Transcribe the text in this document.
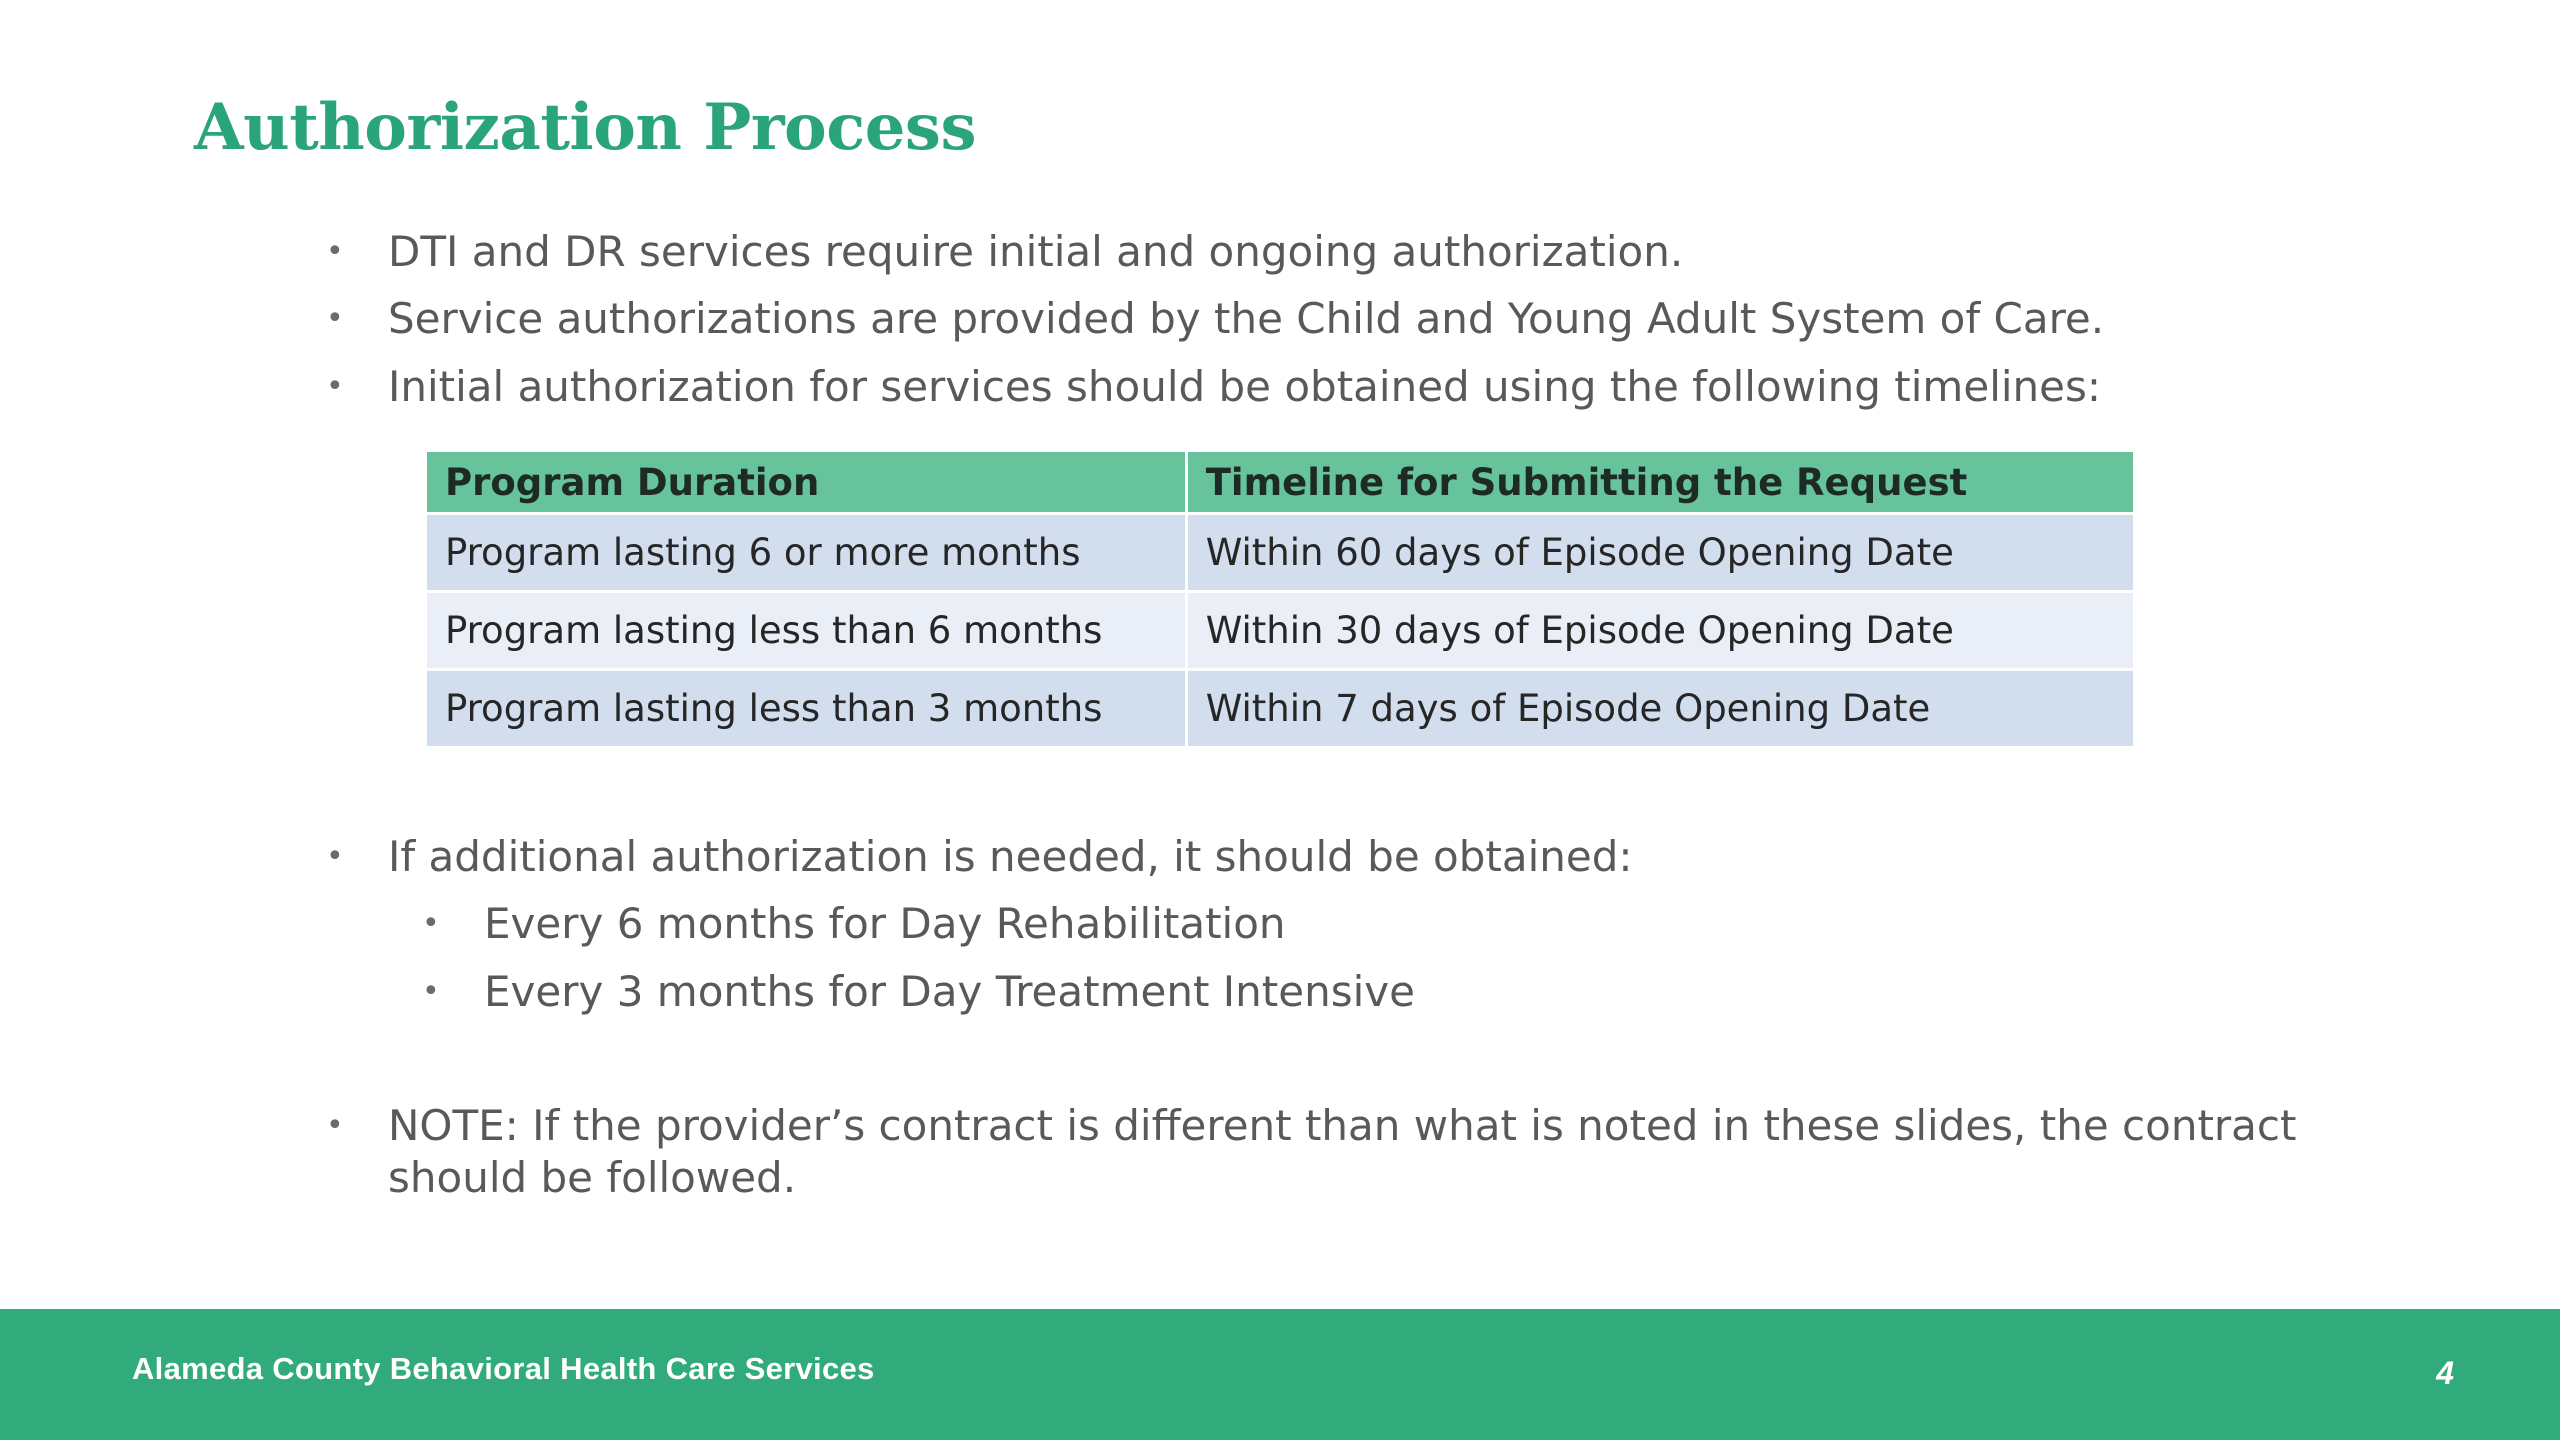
Authorization Process
• DTI and DR services require initial and ongoing authorization.
• Service authorizations are provided by the Child and Young Adult System of Care.
• Initial authorization for services should be obtained using the following timelines:
Program Duration	Timeline for Submitting the Request
Program lasting 6 or more months	Within 60 days of Episode Opening Date
Program lasting less than 6 months	Within 30 days of Episode Opening Date
Program lasting less than 3 months	Within 7 days of Episode Opening Date
• If additional authorization is needed, it should be obtained:
• Every 6 months for Day Rehabilitation
• Every 3 months for Day Treatment Intensive
• NOTE: If the provider’s contract is different than what is noted in these slides, the contract should be followed.
Alameda County Behavioral Health Care Services	4
